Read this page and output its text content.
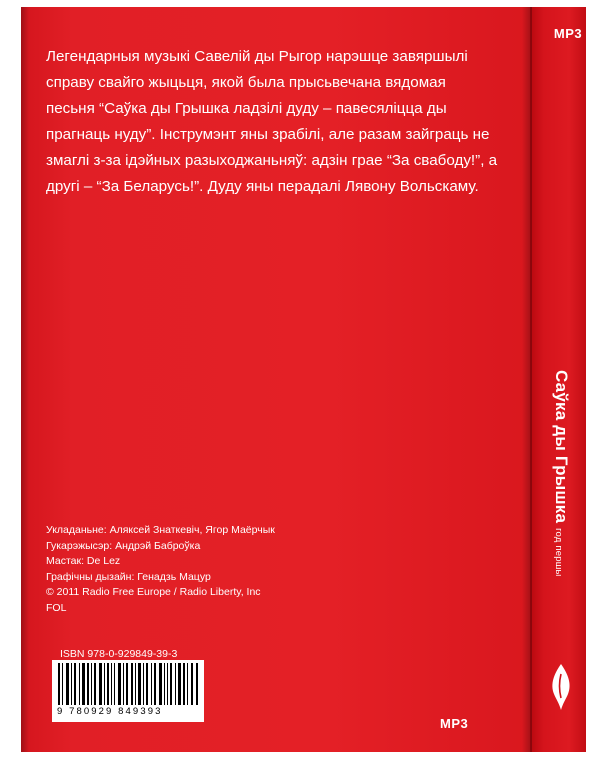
MP3

Легендарныя музыкі Савелій ды Рыгор нарэшце завяршылі справу свайго жыцьця, якой была прысьвечана вядомая песьня “Саўка ды Грышка ладзілі дуду – павесяліцца ды прагнаць нуду”. Інструмэнт яны зрабілі, але разам зайграць не змаглі з-за ідэйных разыходжаньняў: адзін грае “За свабоду!”, а другі – “За Беларусь!”. Дуду яны перадалі Лявону Вольскаму.

Укладаньне: Аляксей Знаткевіч, Ягор Маёрчык
Гукарэжысэр: Андрэй Баброўка
Мастак: De Lez
Графічны дызайн: Генадзь Мацур
© 2011 Radio Free Europe / Radio Liberty, Inc
FOL
ISBN 978-0-929849-39-3
9 780929 849393
Саўка ды Грышка год першы
MP3
